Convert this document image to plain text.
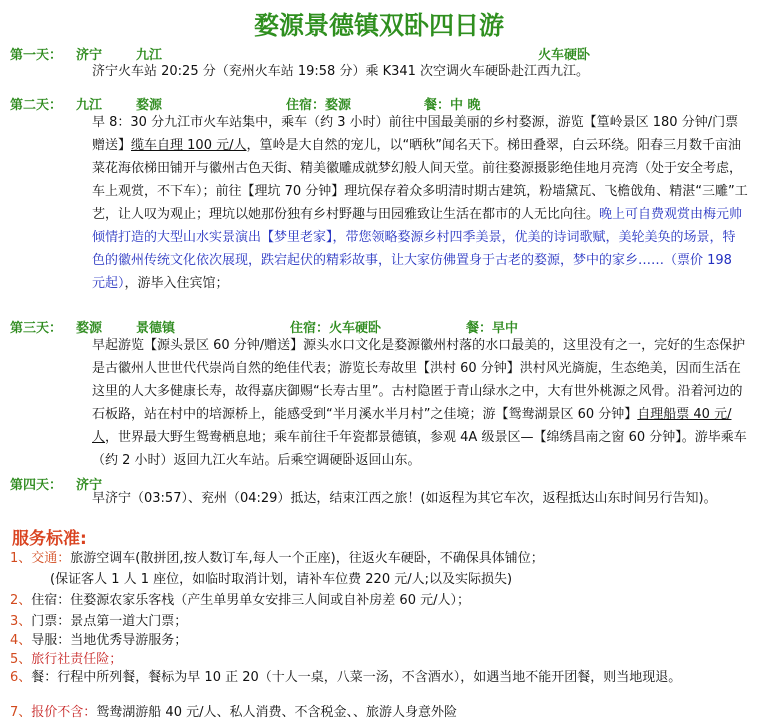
婺源景德镇双卧四日游
第一天： 济宁	九江	火车硬卧
济宁火车站 20:25 分（兖州火车站 19:58 分）乘 K341 次空调火车硬卧赴江西九江。
第二天： 九江	婺源	住宿：婺源	餐：中 晚
早 8：30 分九江市火车站集中，乘车（约 3 小时）前往中国最美丽的乡村婺源，游览【篁岭景区 180 分钟/门票赠送】缆车自理 100 元/人，篁岭是大自然的宠儿，以“晒秋”闻名天下。梯田叠翠，白云环绕。阳春三月数千亩油菜花海依梯田铺开与徽州古色天街、精美徽雕成就梦幻般人间天堂。前往婺源摄影绝佳地月亮湾（处于安全考虑，车上观赏，不下车）；前往【理坑 70 分钟】理坑保存着众多明清时期古建筑，粉墙黛瓦、飞檐戗角、精湛“三雕”工艺，让人叹为观止；理坑以她那份独有乡村野趣与田园雅致让生活在都市的人无比向往。晚上可自费观赏由梅元帅倾情打造的大型山水实景演出【梦里老家】，带您领略婺源乡村四季美景，优美的诗词歌赋，美轮美奂的场景，特色的徽州传统文化依次展现，跌宕起伏的精彩故事，让大家仿佛置身于古老的婺源，梦中的家乡……（票价 198 元起），游毕入住宾馆；
第三天： 婺源	景德镇	住宿：火车硬卧	餐：早中
早起游览【源头景区 60 分钟/赠送】源头水口文化是婺源徽州村落的水口最美的，这里没有之一，完好的生态保护是古徽州人世世代代崇尚自然的绝佳代表；游览长寿故里【洪村 60 分钟】洪村风光旖旎，生态绝美，因而生活在这里的人大多健康长寿，故得嘉庆御赐“长寿古里”。古村隐匿于青山绿水之中，大有世外桃源之风骨。沿着河边的石板路，站在村中的培源桥上，能感受到“半月溪水半月村”之佳境；游【鸳鸯湖景区 60 分钟】自理船票 40 元/人，世界最大野生鸳鸯栖息地；乘车前往千年瓷都景德镇，参观 4A 级景区—【绵绣昌南之窗 60 分钟】。游毕乘车（约 2 小时）返回九江火车站。后乘空调硬卧返回山东。
第四天： 济宁
早济宁（03:57）、兖州（04:29）抵达，结束江西之旅！(如返程为其它车次，返程抵达山东时间另行告知)。
服务标准:
1、交通：旅游空调车(散拼团,按人数订车,每人一个正座)，往返火车硬卧，不确保具体铺位；
(保证客人 1 人 1 座位，如临时取消计划，请补车位费 220 元/人;以及实际损失)
2、住宿：住婺源农家乐客栈（产生单男单女安排三人间或自补房差 60 元/人）；
3、门票：景点第一道大门票；
4、导服：当地优秀导游服务；
5、旅行社责任险；
6、餐：行程中所列餐，餐标为早 10 正 20（十人一桌，八菜一汤，不含酒水），如遇当地不能开团餐，则当地现退。
7、报价不含：鸳鸯湖游船 40 元/人、私人消费、不含税金、、旅游人身意外险
